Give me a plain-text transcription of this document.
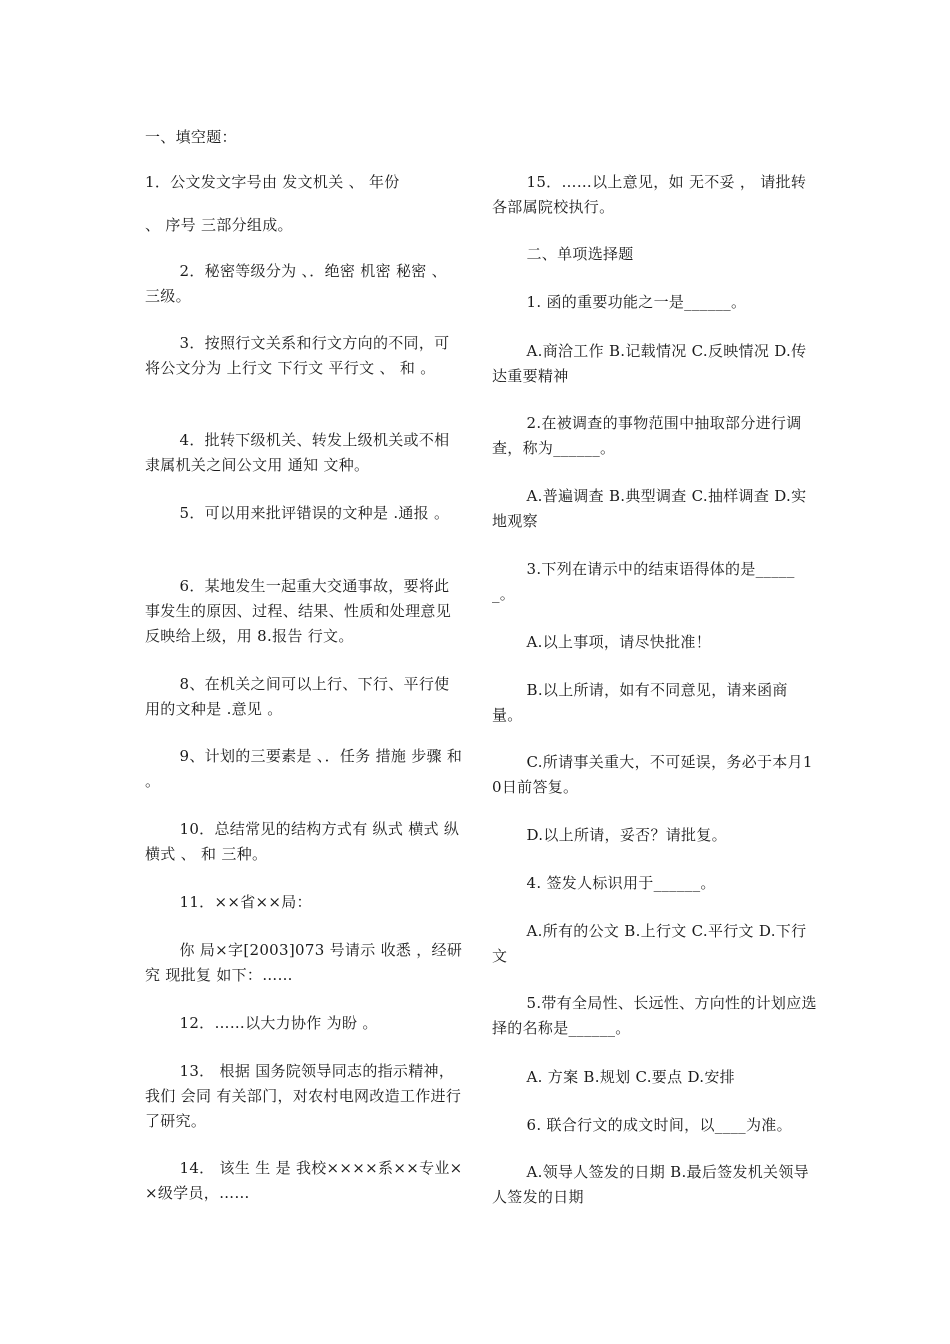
一、填空题：
1．公文发文字号由 发文机关 、 年份
、 序号 三部分组成。
2．秘密等级分为 、．绝密 机密 秘密 、 三级。
3．按照行文关系和行文方向的不同，可将公文分为 上行文 下行文 平行文 、 和 。
4．批转下级机关、转发上级机关或不相隶属机关之间公文用 通知 文种。
5．可以用来批评错误的文种是 .通报 。
6．某地发生一起重大交通事故，要将此事发生的原因、过程、结果、性质和处理意见反映给上级，用 8.报告 行文。
8、在机关之间可以上行、下行、平行使用的文种是 .意见 。
9、计划的三要素是 、．任务 措施 步骤 和 。
10．总结常见的结构方式有 纵式 横式 纵横式 、 和 三种。
11．××省××局：
你 局×字[2003]073 号请示 收悉 ，经研究 现批复 如下：……
12．……以大力协作 为盼 。
13． 根据 国务院领导同志的指示精神，我们 会同 有关部门，对农村电网改造工作进行了研究。
14． 该生 生 是 我校××××系××专业××级学员，……
15．……以上意见，如 无不妥 ， 请批转各部属院校执行。
二、单项选择题
1. 函的重要功能之一是______。
A.商洽工作 B.记载情况 C.反映情况 D.传达重要精神
2.在被调查的事物范围中抽取部分进行调查，称为______。
A.普遍调查 B.典型调查 C.抽样调查 D.实地观察
3.下列在请示中的结束语得体的是______。
A.以上事项，请尽快批准！
B.以上所请，如有不同意见，请来函商量。
C.所请事关重大，不可延误，务必于本月10日前答复。
D.以上所请，妥否？请批复。
4. 签发人标识用于______。
A.所有的公文 B.上行文 C.平行文 D.下行文
5.带有全局性、长远性、方向性的计划应选择的名称是______。
A. 方案 B.规划 C.要点 D.安排
6. 联合行文的成文时间，以____为准。
A.领导人签发的日期 B.最后签发机关领导人签发的日期
